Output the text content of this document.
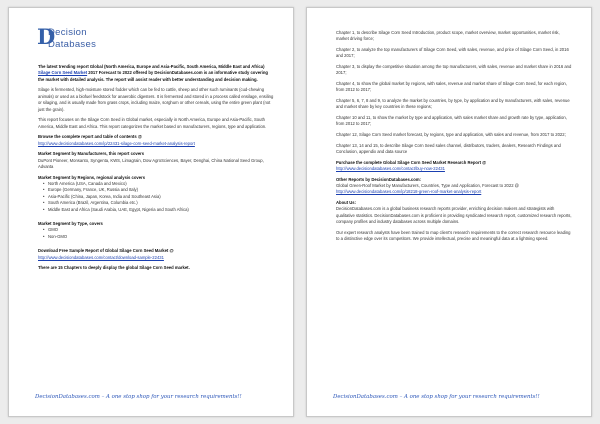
D
Decision
Databases

The latest trending report Global (North America, Europe and Asia-Pacific, South America, Middle East and Africa) Silage Corn Seed Market 2017 Forecast to 2022 offered by DecisionDatabases.com is an informative study covering the market with detailed analysis. The report will assist reader with better understanding and decision making.

Silage is fermented, high-moisture stored fodder which can be fed to cattle, sheep and other such ruminants (cud-chewing animals) or used as a biofuel feedstock for anaerobic digesters. It is fermented and stored in a process called ensilage, ensiling or silaging, and is usually made from grass crops, including maize, sorghum or other cereals, using the entire green plant (not just the grain).

This report focuses on the Silage Corn Seed in Global market, especially in North America, Europe and Asia-Pacific, South America, Middle East and Africa. This report categorizes the market based on manufacturers, regions, type and application.

Browse the complete report and table of contents @

http://www.decisiondatabases.com/ip/22431-silage-corn-seed-market-analysis-report

Market Segment by Manufacturers, this report covers

DuPont Pioneer, Monsanto, Syngenta, KWS, Limagrain, Dow AgroSciences, Bayer, Denghai, China National Seed Group, Advanta

Market Segment by Regions, regional analysis covers

• North America (USA, Canada and Mexico)
• Europe (Germany, France, UK, Russia and Italy)
• Asia-Pacific (China, Japan, Korea, India and Southeast Asia)
• South America (Brazil, Argentina, Columbia etc.)
• Middle East and Africa (Saudi Arabia, UAE, Egypt, Nigeria and South Africa)

Market Segment by Type, covers

• GMO
• Non-GMO

Download Free Sample Report of Global Silage Corn Seed Market @

http://www.decisiondatabases.com/contact/download-sample-22431

There are 15 Chapters to deeply display the global Silage Corn Seed market.

DecisionDatabases.com – A one stop shop for your research requirements!!

Chapter 1, to describe Silage Corn Seed Introduction, product scope, market overview, market opportunities, market risk, market driving force;

Chapter 2, to analyze the top manufacturers of Silage Corn Seed, with sales, revenue, and price of Silage Corn Seed, in 2016 and 2017;

Chapter 3, to display the competitive situation among the top manufacturers, with sales, revenue and market share in 2016 and 2017;

Chapter 4, to show the global market by regions, with sales, revenue and market share of Silage Corn Seed, for each region, from 2012 to 2017;

Chapter 5, 6, 7, 8 and 9, to analyze the market by countries, by type, by application and by manufacturers, with sales, revenue and market share by key countries in these regions;

Chapter 10 and 11, to show the market by type and application, with sales market share and growth rate by type, application, from 2012 to 2017;

Chapter 12, Silage Corn Seed market forecast, by regions, type and application, with sales and revenue, from 2017 to 2022;

Chapter 13, 14 and 15, to describe Silage Corn Seed sales channel, distributors, traders, dealers, Research Findings and Conclusion, appendix and data source

Purchase the complete Global Silage Corn Seed Market Research Report @

http://www.decisiondatabases.com/contact/buy-now-22431

Other Reports by DecisionDatabases.com:

Global Green-Roof Market by Manufacturers, Countries, Type and Application, Forecast to 2022 @

http://www.decisiondatabases.com/ip/18218-green-roof-market-analysis-report

About Us:

DecisionDatabases.com is a global business research reports provider, enriching decision makers and strategists with qualitative statistics. DecisionDatabases.com is proficient in providing syndicated research report, customized research reports, company profiles and industry databases across multiple domains.

Our expert research analysts have been trained to map client's research requirements to the correct research resource leading to a distinctive edge over its competitors. We provide intellectual, precise and meaningful data at a lightning speed.

DecisionDatabases.com – A one stop shop for your research requirements!!
